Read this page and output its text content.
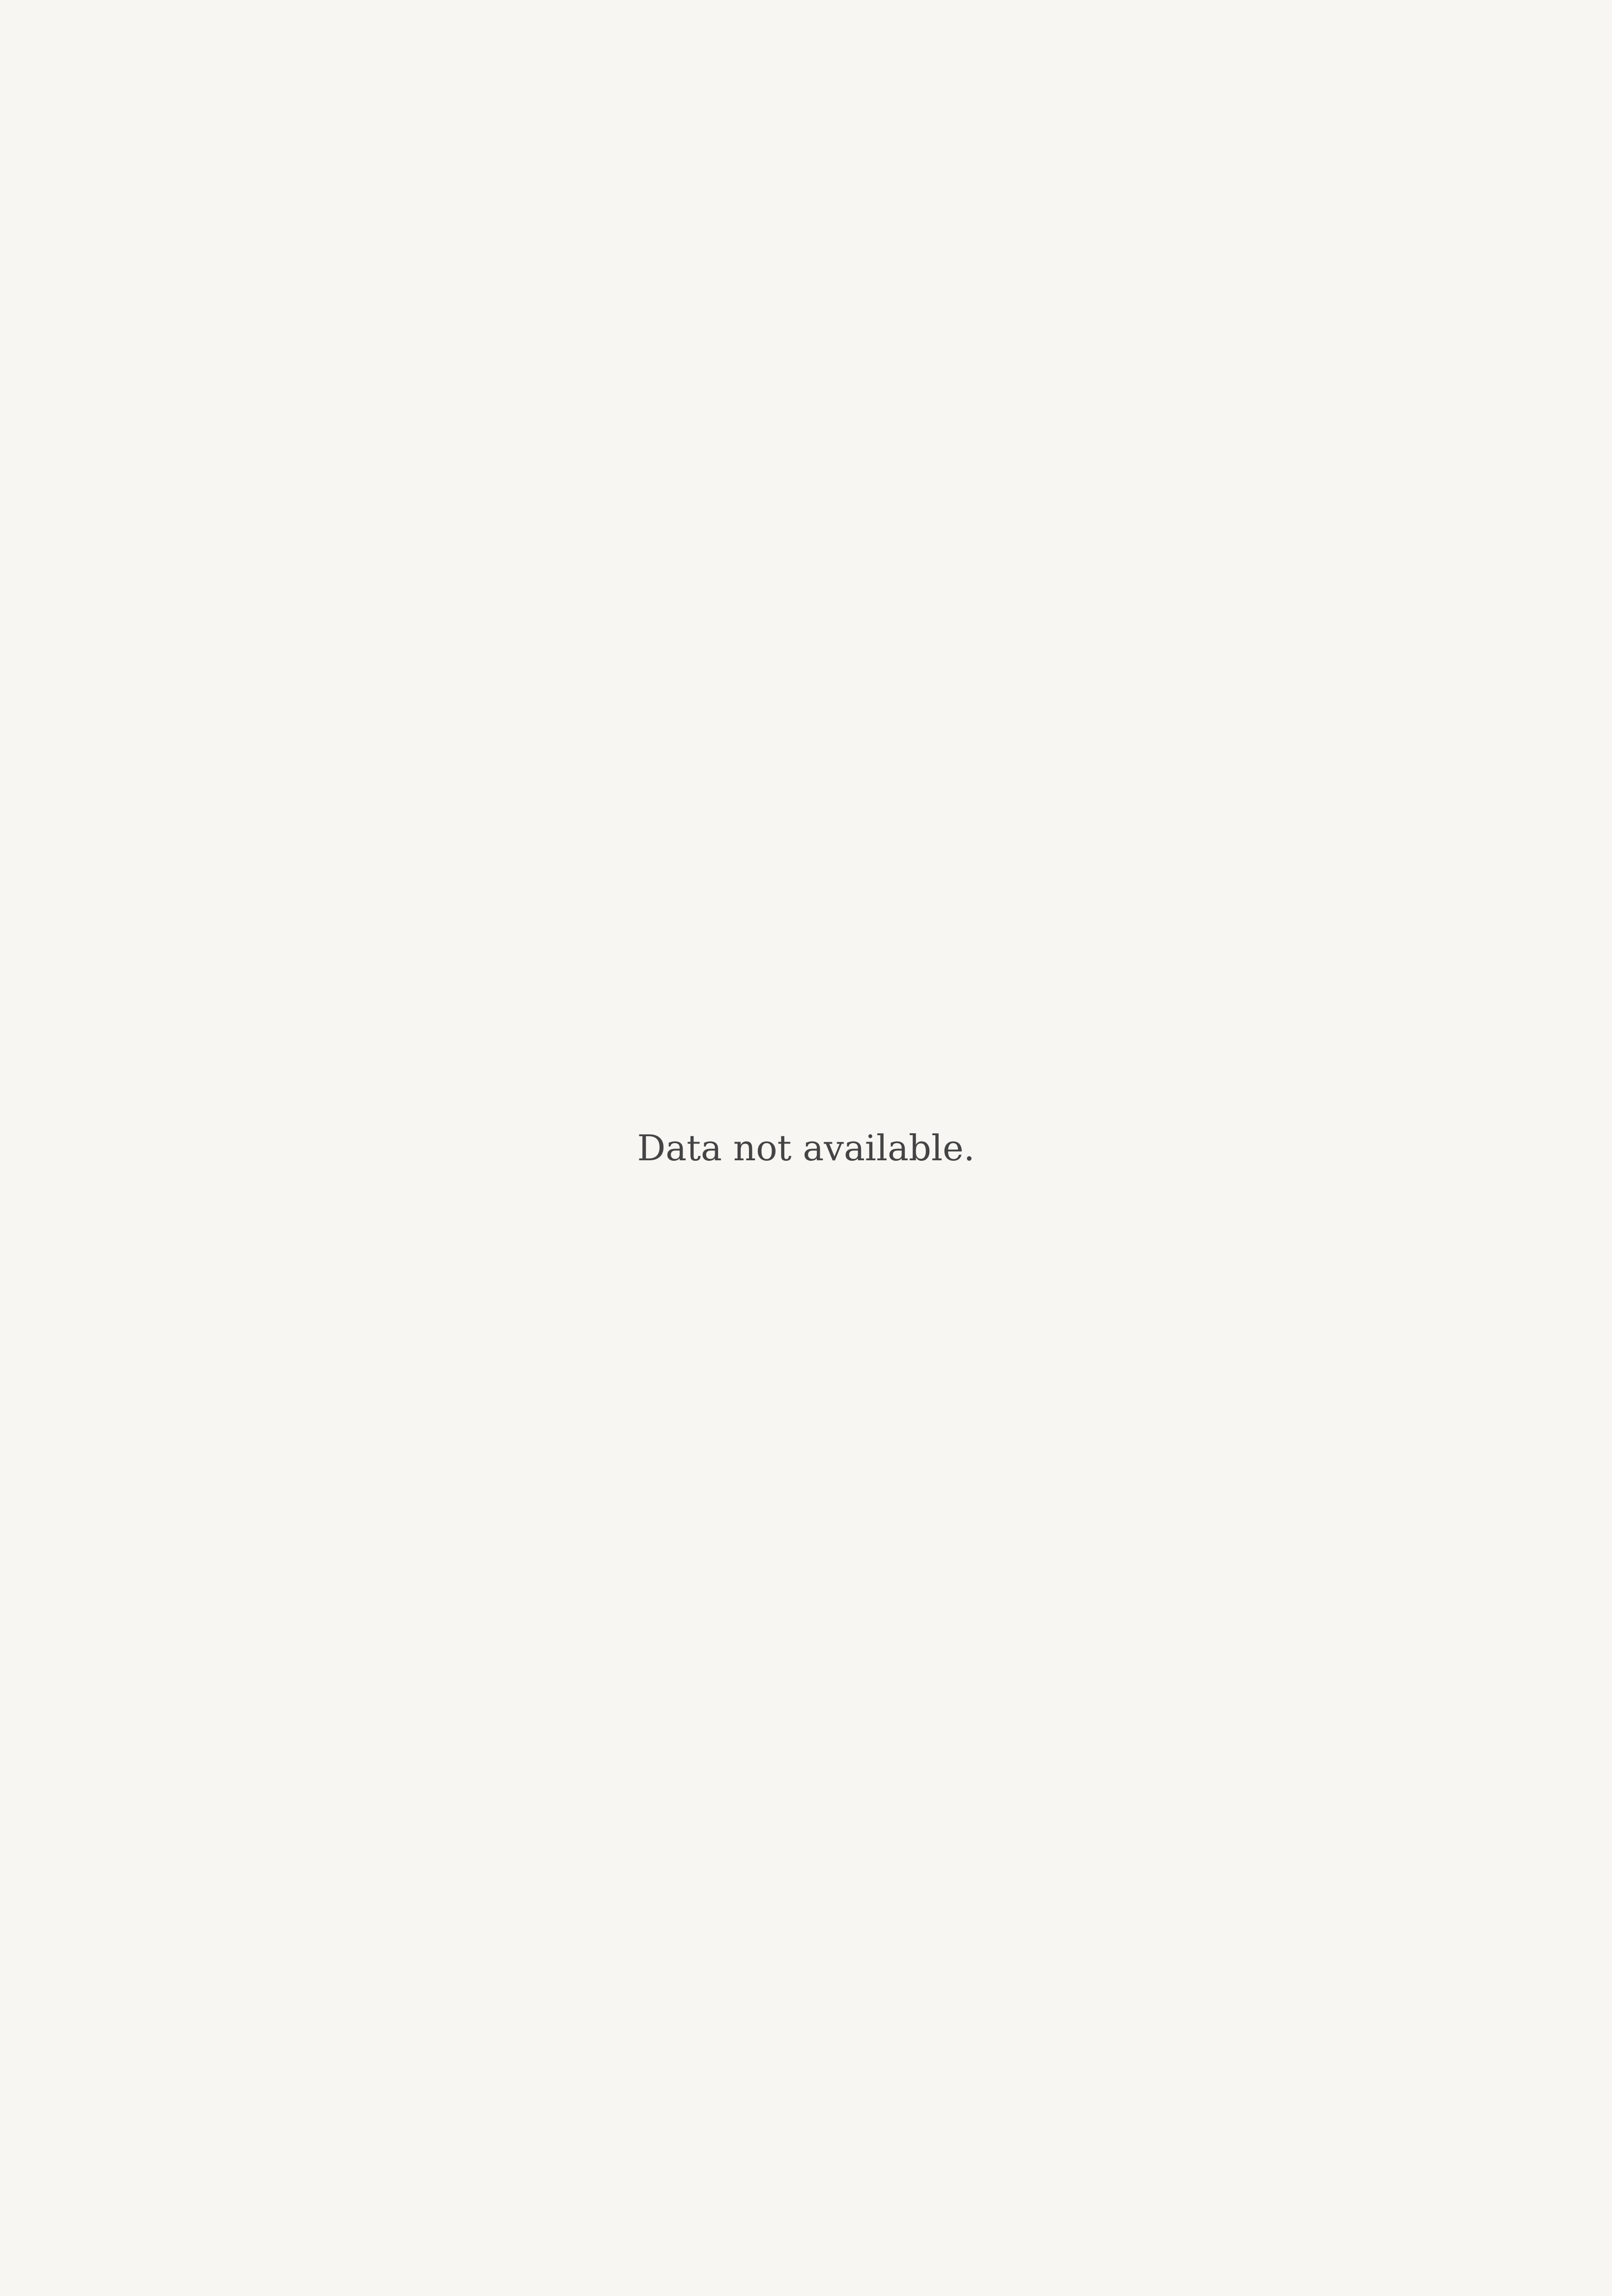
Data not available.
